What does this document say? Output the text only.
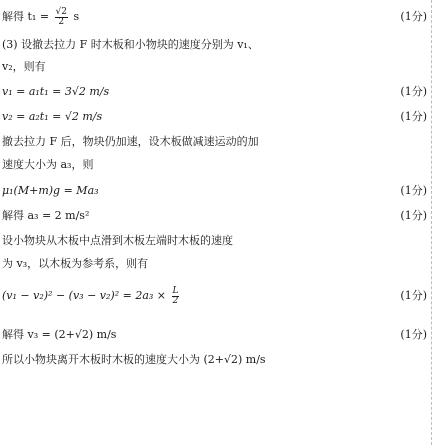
解得 $t_1 = \frac{√2}{2}$ s	(1分)
(3) 设撤去拉力 F 时木板和小物块的速度分别为 v₁、
v₂，则有
v₁ = a₁t₁ = 3√2 m/s	(1分)
v₂ = a₂t₁ = √2 m/s	(1分)
撤去拉力 F 后，物块仍加速，设木板做减速运动的加
速度大小为 a₃，则
μ₁(M+m)g = Ma₃	(1分)
解得 a₃ = 2 m/s²	(1分)
设小物块从木板中点滑到木板左端时木板的速度
为 v₃，以木板为参考系，则有
$(v_1 - v_2)^2 - (v_3 - v_2)^2 = 2a_3 \times \frac{L}{2}$	(1分)
解得 v₃ = (2+√2) m/s	(1分)
所以小物块离开木板时木板的速度大小为 (2+√2) m/s
